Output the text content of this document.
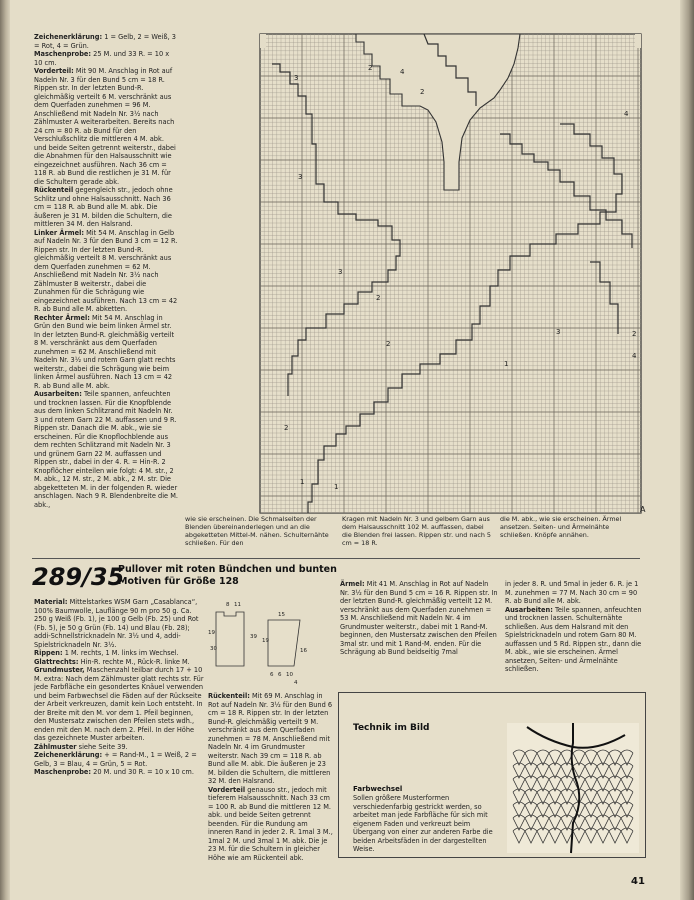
Zeichenerklärung: 1 = Gelb, 2 = Weiß, 3 = Rot, 4 = Grün.

Maschenprobe: 25 M. und 33 R. = 10 x 10 cm.

Vorderteil: Mit 90 M. Anschlag in Rot auf Nadeln Nr. 3 für den Bund 5 cm = 18 R. Rippen str. In der letzten Bund-R. gleichmäßig verteilt 6 M. verschränkt aus dem Querfaden zunehmen = 96 M. Anschließend mit Nadeln Nr. 3½ nach Zählmuster A weiterarbeiten. Bereits nach 24 cm = 80 R. ab Bund für den Verschlußschlitz die mittleren 4 M. abk. und beide Seiten getrennt weiterstr., dabei die Abnahmen für den Halsausschnitt wie eingezeichnet ausführen. Nach 36 cm = 118 R. ab Bund die restlichen je 31 M. für die Schultern gerade abk.

Rückenteil gegengleich str., jedoch ohne Schlitz und ohne Halsausschnitt. Nach 36 cm = 118 R. ab Bund alle M. abk. Die äußeren je 31 M. bilden die Schultern, die mittleren 34 M. den Halsrand.

Linker Ärmel: Mit 54 M. Anschlag in Gelb auf Nadeln Nr. 3 für den Bund 3 cm = 12 R. Rippen str. In der letzten Bund-R. gleichmäßig verteilt 8 M. verschränkt aus dem Querfaden zunehmen = 62 M. Anschließend mit Nadeln Nr. 3½ nach Zählmuster B weiterstr., dabei die Zunahmen für die Schrägung wie eingezeichnet ausführen. Nach 13 cm = 42 R. ab Bund alle M. abketten.

Rechter Ärmel: Mit 54 M. Anschlag in Grün den Bund wie beim linken Ärmel str. In der letzten Bund-R. gleichmäßig verteilt 8 M. verschränkt aus dem Querfaden zunehmen = 62 M. Anschließend mit Nadeln Nr. 3½ und rotem Garn glatt rechts weiterstr., dabei die Schrägung wie beim linken Ärmel ausführen. Nach 13 cm = 42 R. ab Bund alle M. abk.

Ausarbeiten: Teile spannen, anfeuchten und trocknen lassen. Für die Knopfblende aus dem linken Schlitzrand mit Nadeln Nr. 3 und rotem Garn 22 M. auffassen und 9 R. Rippen str. Danach die M. abk., wie sie erscheinen. Für die Knopflochblende aus dem rechten Schlitzrand mit Nadeln Nr. 3 und grünem Garn 22 M. auffassen und Rippen str., dabei in der 4. R. = Hin-R. 2 Knopflöcher einteilen wie folgt: 4 M. str., 2 M. abk., 12 M. str., 2 M. abk., 2 M. str. Die abgeketteten M. in der folgenden R. wieder anschlagen. Nach 9 R. Blendenbreite die M. abk.,

3
2	4
2
4
3
3
2
2
3	2
4
1
1
2
1
A
wie sie erscheinen. Die Schmalseiten der Blenden übereinanderlegen und an die abgeketteten Mittel-M. nähen. Schulternähte schließen. Für den
Kragen mit Nadeln Nr. 3 und gelbem Garn aus dem Halsausschnitt 102 M. auffassen, dabei die Blenden frei lassen. Rippen str. und nach 5 cm = 18 R.
die M. abk., wie sie erscheinen. Ärmel ansetzen. Seiten- und Ärmelnähte schließen. Knöpfe annähen.
289/35
Pullover mit roten Bündchen und bunten Motiven für Größe 128

Material: Mittelstarkes WSM Garn „Casablanca“, 100% Baumwolle, Lauflänge 90 m pro 50 g. Ca. 250 g Weiß (Fb. 1), je 100 g Gelb (Fb. 25) und Rot (Fb. 5), je 50 g Grün (Fb. 14) und Blau (Fb. 28); addi-Schnellstricknadeln Nr. 3½ und 4, addi-Spielstricknadeln Nr. 3½.

Rippen: 1 M. rechts, 1 M. links im Wechsel.

Glattrechts: Hin-R. rechte M., Rück-R. linke M.

Grundmuster, Maschenzahl teilbar durch 17 + 10 M. extra: Nach dem Zählmuster glatt rechts str. Für jede Farbfläche ein gesondertes Knäuel verwenden und beim Farbwechsel die Fäden auf der Rückseite der Arbeit verkreuzen, damit kein Loch entsteht. In der Breite mit den M. vor dem 1. Pfeil beginnen, den Mustersatz zwischen den Pfeilen stets wdh., enden mit den M. nach dem 2. Pfeil. In der Höhe das gezeichnete Muster arbeiten.

Zählmuster siehe Seite 39.

Zeichenerklärung: + = Rand-M., 1 = Weiß, 2 = Gelb, 3 = Blau, 4 = Grün, 5 = Rot.

Maschenprobe: 20 M. und 30 R. = 10 x 10 cm.

8 11
19
30
39
15
19
6 6 10
16
4

Rückenteil: Mit 69 M. Anschlag in Rot auf Nadeln Nr. 3½ für den Bund 6 cm = 18 R. Rippen str. In der letzten Bund-R. gleichmäßig verteilt 9 M. verschränkt aus dem Querfaden zunehmen = 78 M. Anschließend mit Nadeln Nr. 4 im Grundmuster weiterstr. Nach 39 cm = 118 R. ab Bund alle M. abk. Die äußeren je 23 M. bilden die Schultern, die mittleren 32 M. den Halsrand.

Vorderteil genauso str., jedoch mit tieferem Halsausschnitt. Nach 33 cm = 100 R. ab Bund die mittleren 12 M. abk. und beide Seiten getrennt beenden. Für die Rundung am inneren Rand in jeder 2. R. 1mal 3 M., 1mal 2 M. und 3mal 1 M. abk. Die je 23 M. für die Schultern in gleicher Höhe wie am Rückenteil abk.

Ärmel: Mit 41 M. Anschlag in Rot auf Nadeln Nr. 3½ für den Bund 5 cm = 16 R. Rippen str. In der letzten Bund-R. gleichmäßig verteilt 12 M. verschränkt aus dem Querfaden zunehmen = 53 M. Anschließend mit Nadeln Nr. 4 im Grundmuster weiterstr., dabei mit 1 Rand-M. beginnen, den Mustersatz zwischen den Pfeilen 3mal str. und mit 1 Rand-M. enden. Für die Schrägung ab Bund beidseitig 7mal

in jeder 8. R. und 5mal in jeder 6. R. je 1 M. zunehmen = 77 M. Nach 30 cm = 90 R. ab Bund alle M. abk.

Ausarbeiten: Teile spannen, anfeuchten und trocknen lassen. Schulternähte schließen. Aus dem Halsrand mit den Spielstricknadeln und rotem Garn 80 M. auffassen und 5 Rd. Rippen str., dann die M. abk., wie sie erscheinen. Ärmel ansetzen, Seiten- und Ärmelnähte schließen.

Technik im Bild
Farbwechsel
Sollen größere Musterformen verschiedenfarbig gestrickt werden, so arbeitet man jede Farbfläche für sich mit eigenem Faden und verkreuzt beim Übergang von einer zur anderen Farbe die beiden Arbeitsfäden in der dargestellten Weise.
41
